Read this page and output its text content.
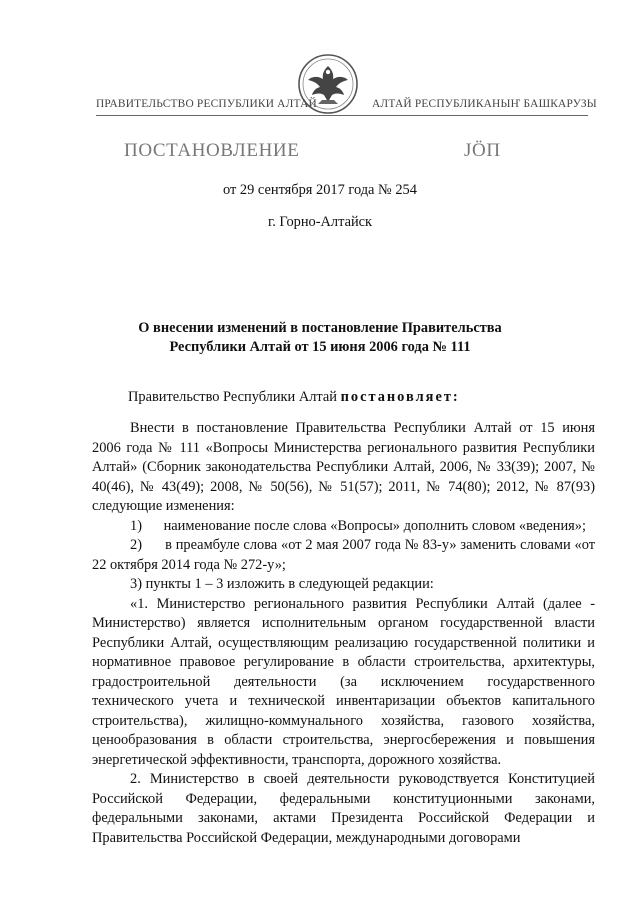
ПРАВИТЕЛЬСТВО РЕСПУБЛИКИ АЛТАЙ	АЛТАЙ РЕСПУБЛИКАНЫҤ БАШКАРУЗЫ
ПОСТАНОВЛЕНИЕ	JÖП
от 29 сентября 2017 года № 254
г. Горно-Алтайск
О внесении изменений в постановление Правительства
Республики Алтай от 15 июня 2006 года № 111
Правительство Республики Алтай постановляет:

Внести в постановление Правительства Республики Алтай от 15 июня 2006 года № 111 «Вопросы Министерства регионального развития Республики Алтай» (Сборник законодательства Республики Алтай, 2006, № 33(39); 2007, № 40(46), № 43(49); 2008, № 50(56), № 51(57); 2011, № 74(80); 2012, № 87(93) следующие изменения:

1)      наименование после слова «Вопросы» дополнить словом «ведения»;

2)      в преамбуле слова «от 2 мая 2007 года № 83-у» заменить словами «от 22 октября 2014 года № 272-у»;

3) пункты 1 – 3 изложить в следующей редакции:

«1. Министерство регионального развития Республики Алтай (далее - Министерство) является исполнительным органом государственной власти Республики Алтай, осуществляющим реализацию государственной политики и нормативное правовое регулирование в области строительства, архитектуры, градостроительной деятельности (за исключением государственного технического учета и технической инвентаризации объектов капитального строительства), жилищно-коммунального хозяйства, газового хозяйства, ценообразования в области строительства, энергосбережения и повышения энергетической эффективности, транспорта, дорожного хозяйства.

2. Министерство в своей деятельности руководствуется Конституцией Российской Федерации, федеральными конституционными законами, федеральными законами, актами Президента Российской Федерации и Правительства Российской Федерации, международными договорами
